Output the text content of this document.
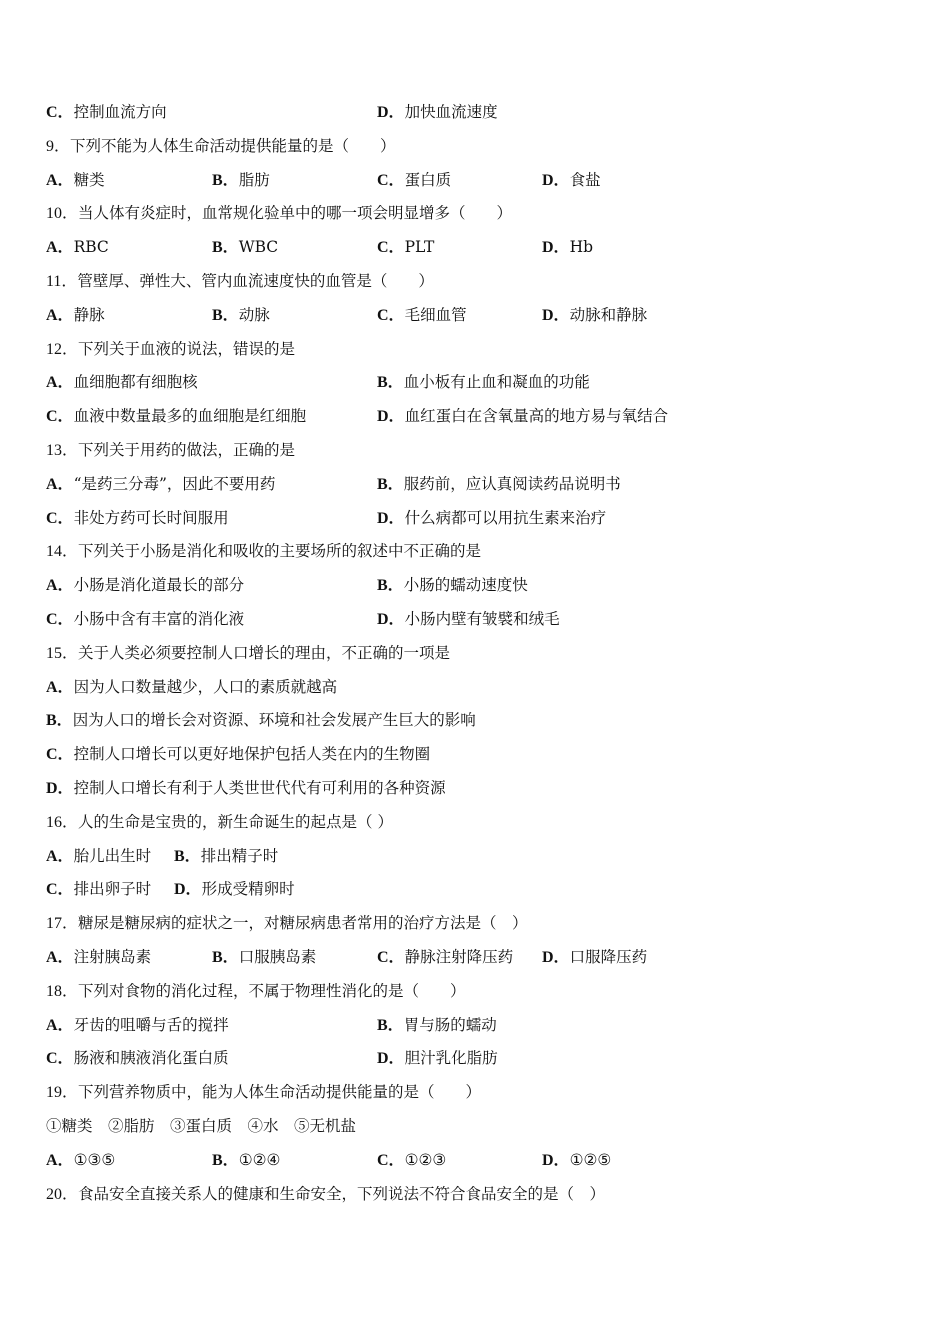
C．控制血流方向	D．加快血流速度
9．下列不能为人体生命活动提供能量的是（　　）
A．糖类	B．脂肪	C．蛋白质	D．食盐
10．当人体有炎症时，血常规化验单中的哪一项会明显增多（　　）
A．RBC	B．WBC	C．PLT	D．Hb
11．管壁厚、弹性大、管内血流速度快的血管是（　　）
A．静脉	B．动脉	C．毛细血管	D．动脉和静脉
12．下列关于血液的说法，错误的是
A．血细胞都有细胞核	B．血小板有止血和凝血的功能
C．血液中数量最多的血细胞是红细胞	D．血红蛋白在含氧量高的地方易与氧结合
13．下列关于用药的做法，正确的是
A．“是药三分毒”，因此不要用药	B．服药前，应认真阅读药品说明书
C．非处方药可长时间服用	D．什么病都可以用抗生素来治疗
14．下列关于小肠是消化和吸收的主要场所的叙述中不正确的是
A．小肠是消化道最长的部分	B．小肠的蠕动速度快
C．小肠中含有丰富的消化液	D．小肠内壁有皱襞和绒毛
15．关于人类必须要控制人口增长的理由，不正确的一项是
A．因为人口数量越少，人口的素质就越高
B．因为人口的增长会对资源、环境和社会发展产生巨大的影响
C．控制人口增长可以更好地保护包括人类在内的生物圈
D．控制人口增长有利于人类世世代代有可利用的各种资源
16．人的生命是宝贵的，新生命诞生的起点是（ ）
A．胎儿出生时 B．排出精子时
C．排出卵子时 D．形成受精卵时
17．糖尿是糖尿病的症状之一，对糖尿病患者常用的治疗方法是（　）
A．注射胰岛素	B．口服胰岛素	C．静脉注射降压药 D．口服降压药
18．下列对食物的消化过程，不属于物理性消化的是（　　）
A．牙齿的咀嚼与舌的搅拌	B．胃与肠的蠕动
C．肠液和胰液消化蛋白质	D．胆汁乳化脂肪
19．下列营养物质中，能为人体生命活动提供能量的是（　　）
①糖类　②脂肪　③蛋白质　④水　⑤无机盐
A．①③⑤	B．①②④	C．①②③	D．①②⑤
20．食品安全直接关系人的健康和生命安全，下列说法不符合食品安全的是（　）
